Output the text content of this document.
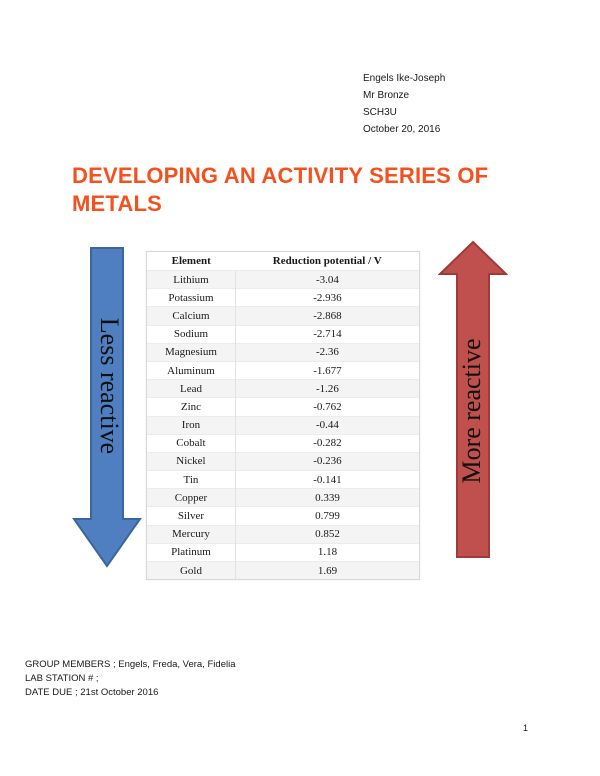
Engels Ike-Joseph
Mr Bronze
SCH3U
October 20, 2016
DEVELOPING AN ACTIVITY SERIES OF METALS
Less reactive
Element	Reduction potential / V
Lithium	-3.04
Potassium	-2.936
Calcium	-2.868
Sodium	-2.714
Magnesium	-2.36
Aluminum	-1.677
Lead	-1.26
Zinc	-0.762
Iron	-0.44
Cobalt	-0.282
Nickel	-0.236
Tin	-0.141
Copper	0.339
Silver	0.799
Mercury	0.852
Platinum	1.18
Gold	1.69
More reactive
GROUP MEMBERS ; Engels, Freda, Vera, Fidelia
LAB STATION # ;
DATE DUE ; 21st October 2016
1
